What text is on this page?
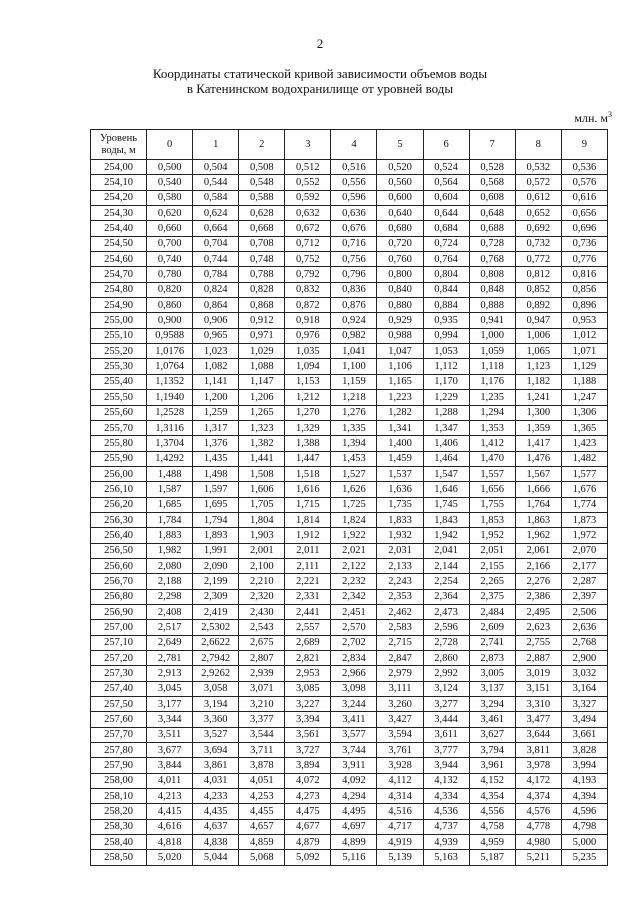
2
Координаты статической кривой зависимости объемов воды
в Катенинском водохранилище от уровней воды
млн. $м^3$
Уровень
воды, м	0	1	2	3	4	5	6	7	8	9
254,00	0,500	0,504	0,508	0,512	0,516	0,520	0,524	0,528	0,532	0,536
254,10	0,540	0,544	0,548	0,552	0,556	0,560	0,564	0,568	0,572	0,576
254,20	0,580	0,584	0,588	0,592	0,596	0,600	0,604	0,608	0,612	0,616
254,30	0,620	0,624	0,628	0,632	0,636	0,640	0,644	0,648	0,652	0,656
254,40	0,660	0,664	0,668	0,672	0,676	0,680	0,684	0,688	0,692	0,696
254,50	0,700	0,704	0,708	0,712	0,716	0,720	0,724	0,728	0,732	0,736
254,60	0,740	0,744	0,748	0,752	0,756	0,760	0,764	0,768	0,772	0,776
254,70	0,780	0,784	0,788	0,792	0,796	0,800	0,804	0,808	0,812	0,816
254,80	0,820	0,824	0,828	0,832	0,836	0,840	0,844	0,848	0,852	0,856
254,90	0,860	0,864	0,868	0,872	0,876	0,880	0,884	0,888	0,892	0,896
255,00	0,900	0,906	0,912	0,918	0,924	0,929	0,935	0,941	0,947	0,953
255,10	0,9588	0,965	0,971	0,976	0,982	0,988	0,994	1,000	1,006	1,012
255,20	1,0176	1,023	1,029	1,035	1,041	1,047	1,053	1,059	1,065	1,071
255,30	1,0764	1,082	1,088	1,094	1,100	1,106	1,112	1,118	1,123	1,129
255,40	1,1352	1,141	1,147	1,153	1,159	1,165	1,170	1,176	1,182	1,188
255,50	1,1940	1,200	1,206	1,212	1,218	1,223	1,229	1,235	1,241	1,247
255,60	1,2528	1,259	1,265	1,270	1,276	1,282	1,288	1,294	1,300	1,306
255,70	1,3116	1,317	1,323	1,329	1,335	1,341	1,347	1,353	1,359	1,365
255,80	1,3704	1,376	1,382	1,388	1,394	1,400	1,406	1,412	1,417	1,423
255,90	1,4292	1,435	1,441	1,447	1,453	1,459	1,464	1,470	1,476	1,482
256,00	1,488	1,498	1,508	1,518	1,527	1,537	1,547	1,557	1,567	1,577
256,10	1,587	1,597	1,606	1,616	1,626	1,636	1,646	1,656	1,666	1,676
256,20	1,685	1,695	1,705	1,715	1,725	1,735	1,745	1,755	1,764	1,774
256,30	1,784	1,794	1,804	1,814	1,824	1,833	1,843	1,853	1,863	1,873
256,40	1,883	1,893	1,903	1,912	1,922	1,932	1,942	1,952	1,962	1,972
256,50	1,982	1,991	2,001	2,011	2,021	2,031	2,041	2,051	2,061	2,070
256,60	2,080	2,090	2,100	2,111	2,122	2,133	2,144	2,155	2,166	2,177
256,70	2,188	2,199	2,210	2,221	2,232	2,243	2,254	2,265	2,276	2,287
256,80	2,298	2,309	2,320	2,331	2,342	2,353	2,364	2,375	2,386	2,397
256,90	2,408	2,419	2,430	2,441	2,451	2,462	2,473	2,484	2,495	2,506
257,00	2,517	2,5302	2,543	2,557	2,570	2,583	2,596	2,609	2,623	2,636
257,10	2,649	2,6622	2,675	2,689	2,702	2,715	2,728	2,741	2,755	2,768
257,20	2,781	2,7942	2,807	2,821	2,834	2,847	2,860	2,873	2,887	2,900
257,30	2,913	2,9262	2,939	2,953	2,966	2,979	2,992	3,005	3,019	3,032
257,40	3,045	3,058	3,071	3,085	3,098	3,111	3,124	3,137	3,151	3,164
257,50	3,177	3,194	3,210	3,227	3,244	3,260	3,277	3,294	3,310	3,327
257,60	3,344	3,360	3,377	3,394	3,411	3,427	3,444	3,461	3,477	3,494
257,70	3,511	3,527	3,544	3,561	3,577	3,594	3,611	3,627	3,644	3,661
257,80	3,677	3,694	3,711	3,727	3,744	3,761	3,777	3,794	3,811	3,828
257,90	3,844	3,861	3,878	3,894	3,911	3,928	3,944	3,961	3,978	3,994
258,00	4,011	4,031	4,051	4,072	4,092	4,112	4,132	4,152	4,172	4,193
258,10	4,213	4,233	4,253	4,273	4,294	4,314	4,334	4,354	4,374	4,394
258,20	4,415	4,435	4,455	4,475	4,495	4,516	4,536	4,556	4,576	4,596
258,30	4,616	4,637	4,657	4,677	4,697	4,717	4,737	4,758	4,778	4,798
258,40	4,818	4,838	4,859	4,879	4,899	4,919	4,939	4,959	4,980	5,000
258,50	5,020	5,044	5,068	5,092	5,116	5,139	5,163	5,187	5,211	5,235
